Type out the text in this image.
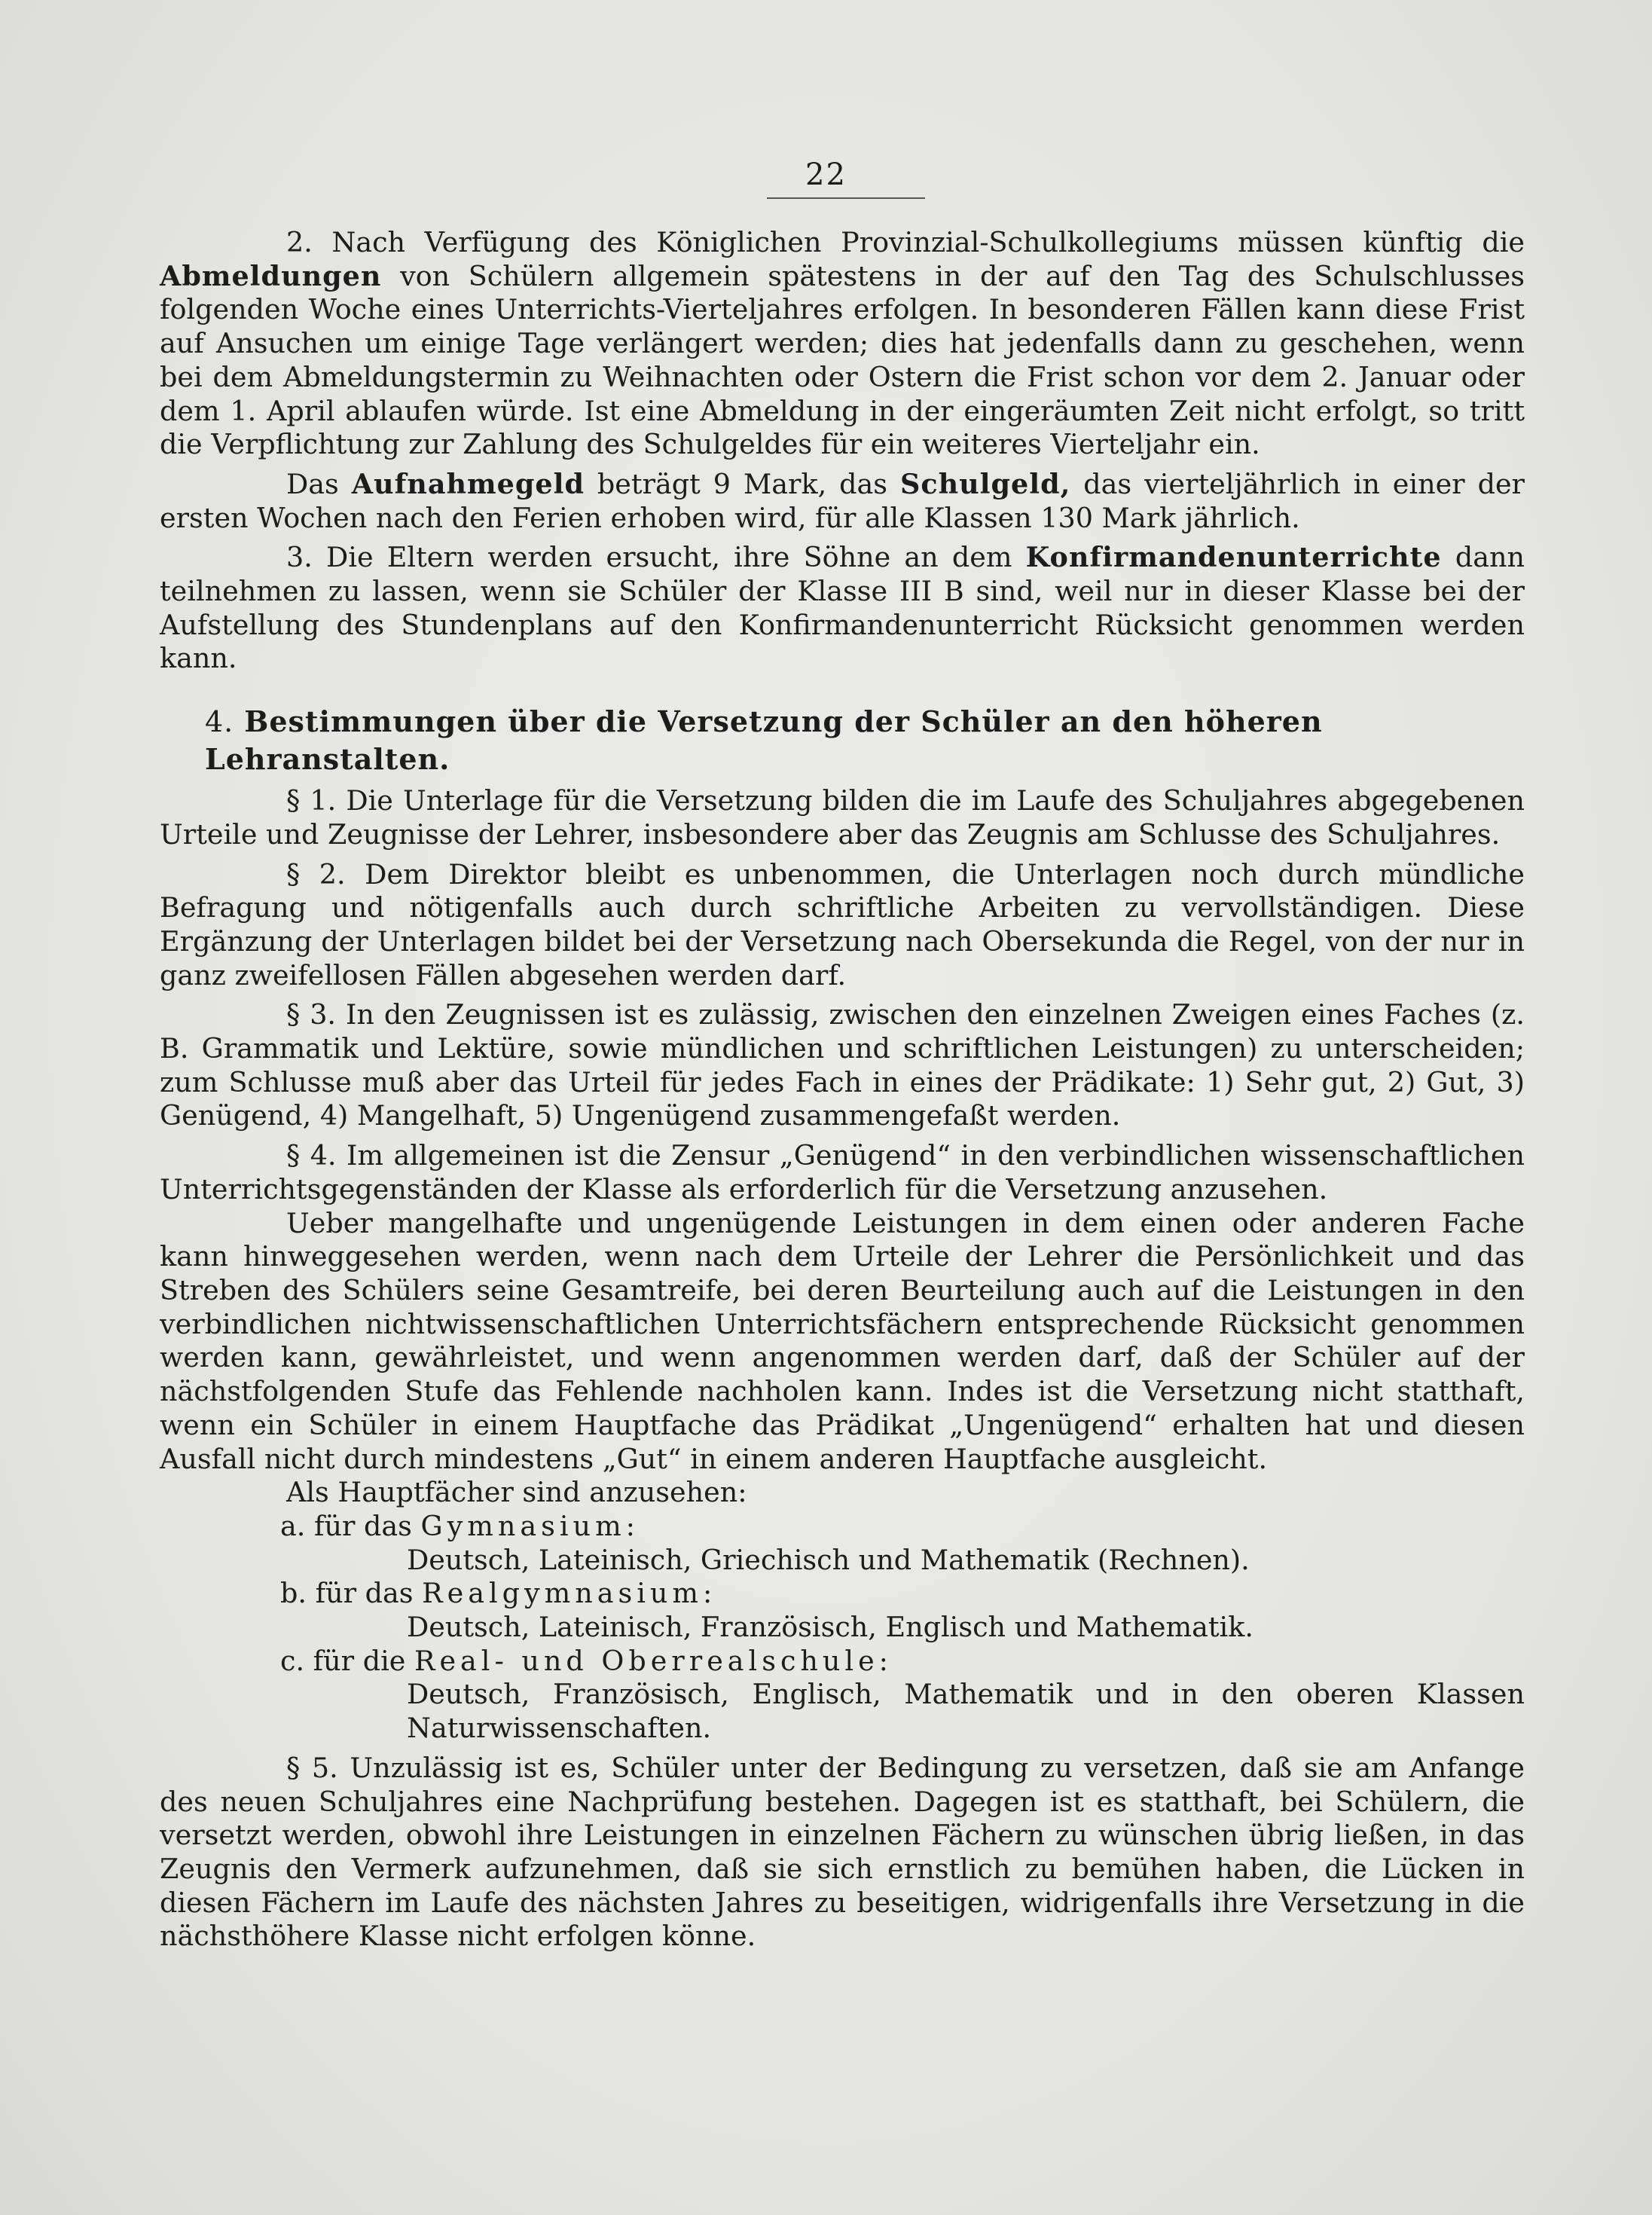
22

2. Nach Verfügung des Königlichen Provinzial-Schulkollegiums müssen künftig die Abmeldungen von Schülern allgemein spätestens in der auf den Tag des Schulschlusses folgenden Woche eines Unterrichts-Vierteljahres erfolgen. In besonderen Fällen kann diese Frist auf Ansuchen um einige Tage verlängert werden; dies hat jedenfalls dann zu geschehen, wenn bei dem Abmeldungstermin zu Weihnachten oder Ostern die Frist schon vor dem 2. Januar oder dem 1. April ablaufen würde. Ist eine Abmeldung in der eingeräumten Zeit nicht erfolgt, so tritt die Verpflichtung zur Zahlung des Schulgeldes für ein weiteres Vierteljahr ein.

Das Aufnahmegeld beträgt 9 Mark, das Schulgeld, das vierteljährlich in einer der ersten Wochen nach den Ferien erhoben wird, für alle Klassen 130 Mark jährlich.

3. Die Eltern werden ersucht, ihre Söhne an dem Konfirmandenunterrichte dann teilnehmen zu lassen, wenn sie Schüler der Klasse III B sind, weil nur in dieser Klasse bei der Aufstellung des Stundenplans auf den Konfirmandenunterricht Rücksicht genommen werden kann.

4. Bestimmungen über die Versetzung der Schüler an den höheren Lehranstalten.

§ 1. Die Unterlage für die Versetzung bilden die im Laufe des Schuljahres abgegebenen Urteile und Zeugnisse der Lehrer, insbesondere aber das Zeugnis am Schlusse des Schuljahres.

§ 2. Dem Direktor bleibt es unbenommen, die Unterlagen noch durch mündliche Befragung und nötigenfalls auch durch schriftliche Arbeiten zu vervollständigen. Diese Ergänzung der Unterlagen bildet bei der Versetzung nach Obersekunda die Regel, von der nur in ganz zweifellosen Fällen abgesehen werden darf.

§ 3. In den Zeugnissen ist es zulässig, zwischen den einzelnen Zweigen eines Faches (z. B. Grammatik und Lektüre, sowie mündlichen und schriftlichen Leistungen) zu unterscheiden; zum Schlusse muß aber das Urteil für jedes Fach in eines der Prädikate: 1) Sehr gut, 2) Gut, 3) Genügend, 4) Mangelhaft, 5) Ungenügend zusammengefaßt werden.

§ 4. Im allgemeinen ist die Zensur „Genügend“ in den verbindlichen wissenschaftlichen Unterrichtsgegenständen der Klasse als erforderlich für die Versetzung anzusehen.

Ueber mangelhafte und ungenügende Leistungen in dem einen oder anderen Fache kann hinweggesehen werden, wenn nach dem Urteile der Lehrer die Persönlichkeit und das Streben des Schülers seine Gesamtreife, bei deren Beurteilung auch auf die Leistungen in den verbindlichen nichtwissenschaftlichen Unterrichtsfächern entsprechende Rücksicht genommen werden kann, gewährleistet, und wenn angenommen werden darf, daß der Schüler auf der nächstfolgenden Stufe das Fehlende nachholen kann. Indes ist die Versetzung nicht statthaft, wenn ein Schüler in einem Hauptfache das Prädikat „Ungenügend“ erhalten hat und diesen Ausfall nicht durch mindestens „Gut“ in einem anderen Hauptfache ausgleicht.

Als Hauptfächer sind anzusehen:

a. für das Gymnasium:

Deutsch, Lateinisch, Griechisch und Mathematik (Rechnen).

b. für das Realgymnasium:

Deutsch, Lateinisch, Französisch, Englisch und Mathematik.

c. für die Real- und Oberrealschule:

Deutsch, Französisch, Englisch, Mathematik und in den oberen Klassen Naturwissenschaften.

§ 5. Unzulässig ist es, Schüler unter der Bedingung zu versetzen, daß sie am Anfange des neuen Schuljahres eine Nachprüfung bestehen. Dagegen ist es statthaft, bei Schülern, die versetzt werden, obwohl ihre Leistungen in einzelnen Fächern zu wünschen übrig ließen, in das Zeugnis den Vermerk aufzunehmen, daß sie sich ernstlich zu bemühen haben, die Lücken in diesen Fächern im Laufe des nächsten Jahres zu beseitigen, widrigenfalls ihre Versetzung in die nächsthöhere Klasse nicht erfolgen könne.
